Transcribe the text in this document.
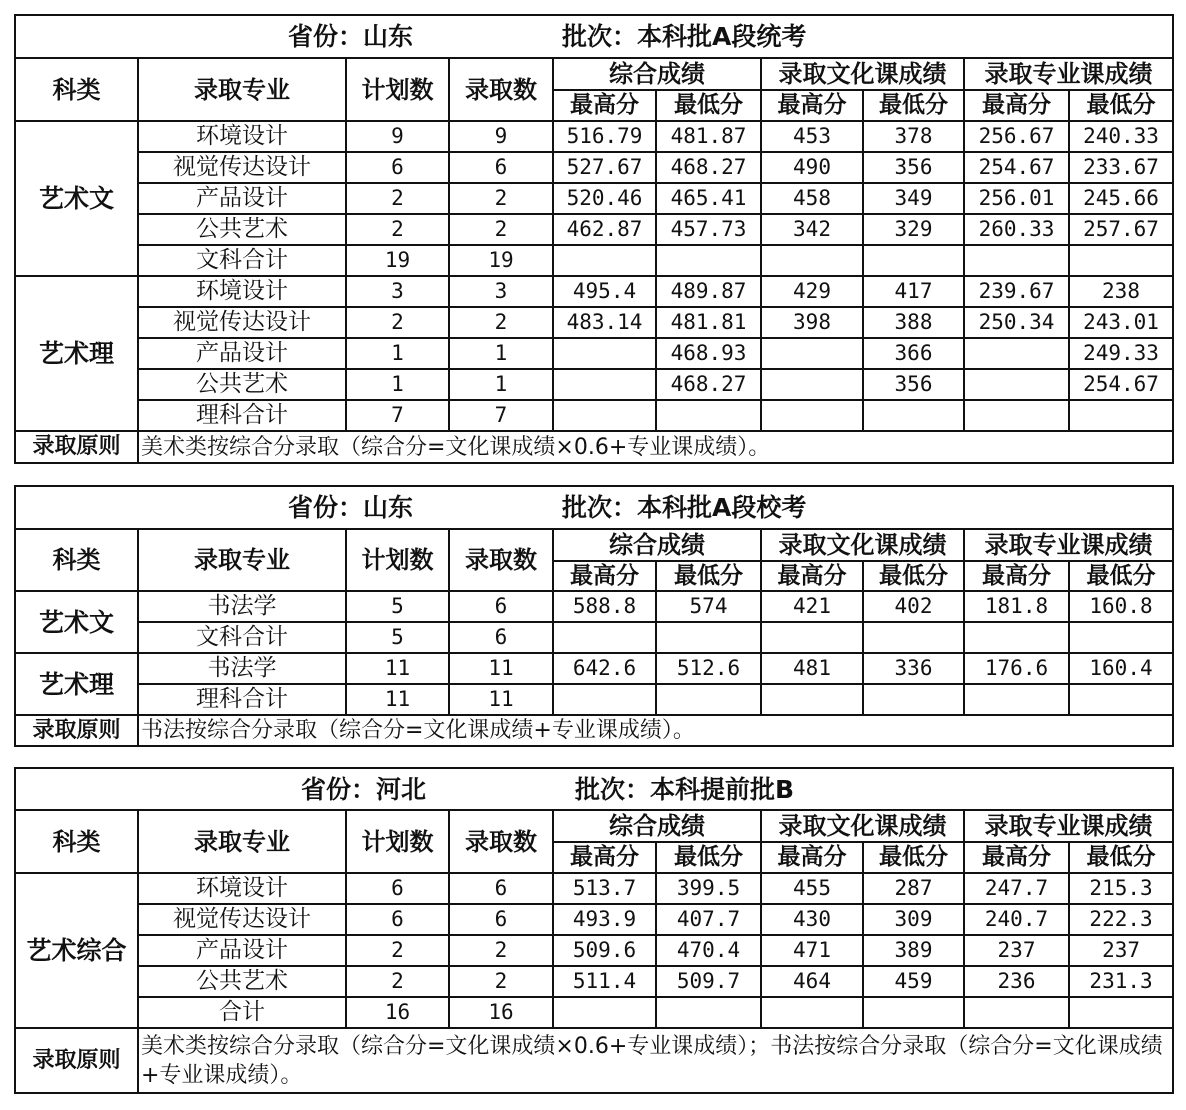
省份：山东 批次：本科批A段统考									
科类	录取专业	计划数	录取数	综合成绩		录取文化课成绩		录取专业课成绩	
				最高分	最低分	最高分	最低分	最高分	最低分
艺术文	环境设计	9	9	516.79	481.87	453	378	256.67	240.33
	视觉传达设计	6	6	527.67	468.27	490	356	254.67	233.67
	产品设计	2	2	520.46	465.41	458	349	256.01	245.66
	公共艺术	2	2	462.87	457.73	342	329	260.33	257.67
	文科合计	19	19						
艺术理	环境设计	3	3	495.4	489.87	429	417	239.67	238
	视觉传达设计	2	2	483.14	481.81	398	388	250.34	243.01
	产品设计	1	1		468.93		366		249.33
	公共艺术	1	1		468.27		356		254.67
	理科合计	7	7						
录取原则	美术类按综合分录取（综合分=文化课成绩×0.6+专业课成绩）。								
省份：山东 批次：本科批A段校考									
科类	录取专业	计划数	录取数	综合成绩		录取文化课成绩		录取专业课成绩	
				最高分	最低分	最高分	最低分	最高分	最低分
艺术文	书法学	5	6	588.8	574	421	402	181.8	160.8
	文科合计	5	6						
艺术理	书法学	11	11	642.6	512.6	481	336	176.6	160.4
	理科合计	11	11						
录取原则	书法按综合分录取（综合分=文化课成绩+专业课成绩）。								
省份：河北 批次：本科提前批B									
科类	录取专业	计划数	录取数	综合成绩		录取文化课成绩		录取专业课成绩	
				最高分	最低分	最高分	最低分	最高分	最低分
艺术综合	环境设计	6	6	513.7	399.5	455	287	247.7	215.3
	视觉传达设计	6	6	493.9	407.7	430	309	240.7	222.3
	产品设计	2	2	509.6	470.4	471	389	237	237
	公共艺术	2	2	511.4	509.7	464	459	236	231.3
	合计	16	16						
录取原则	美术类按综合分录取（综合分=文化课成绩×0.6+专业课成绩）；书法按综合分录取（综合分=文化课成绩+专业课成绩）。								
